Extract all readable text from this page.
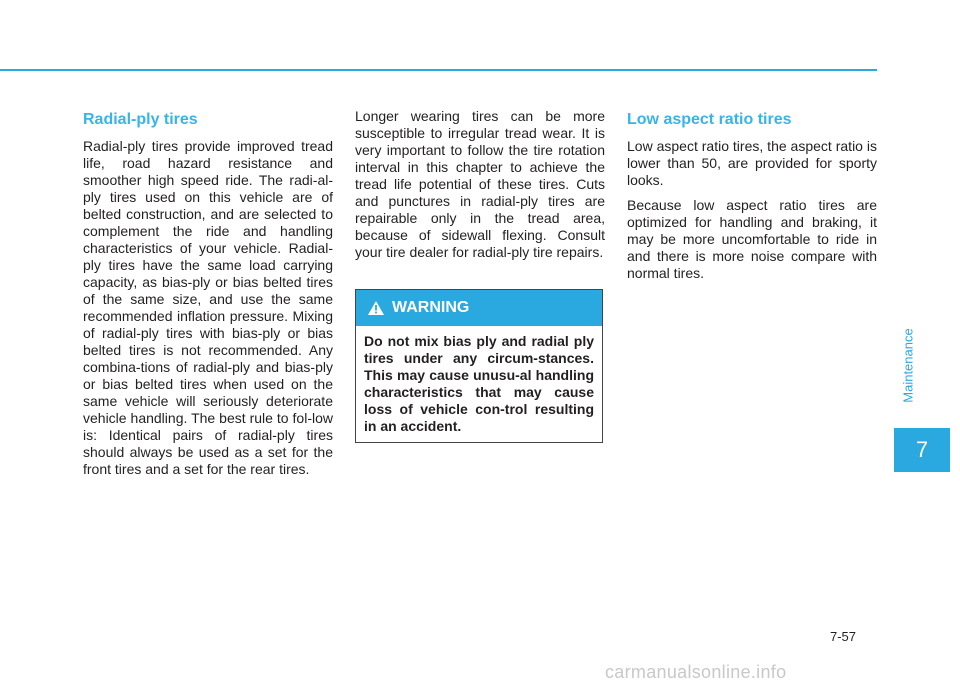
Radial-ply tires

Radial-ply tires provide improved tread life, road hazard resistance and smoother high speed ride. The radi-al-ply tires used on this vehicle are of belted construction, and are selected to complement the ride and handling characteristics of your vehicle. Radial-ply tires have the same load carrying capacity, as bias-ply or bias belted tires of the same size, and use the same recommended inflation pressure. Mixing of radial-ply tires with bias-ply or bias belted tires is not recommended. Any combina-tions of radial-ply and bias-ply or bias belted tires when used on the same vehicle will seriously deteriorate vehicle handling. The best rule to fol-low is: Identical pairs of radial-ply tires should always be used as a set for the front tires and a set for the rear tires.

Longer wearing tires can be more susceptible to irregular tread wear. It is very important to follow the tire rotation interval in this chapter to achieve the tread life potential of these tires. Cuts and punctures in radial-ply tires are repairable only in the tread area, because of sidewall flexing. Consult your tire dealer for radial-ply tire repairs.

WARNING

Do not mix bias ply and radial ply tires under any circum-stances. This may cause unusu-al handling characteristics that may cause loss of vehicle con-trol resulting in an accident.

Low aspect ratio tires

Low aspect ratio tires, the aspect ratio is lower than 50, are provided for sporty looks.

Because low aspect ratio tires are optimized for handling and braking, it may be more uncomfortable to ride in and there is more noise compare with normal tires.

Maintenance
7
7-57
carmanualsonline.info
